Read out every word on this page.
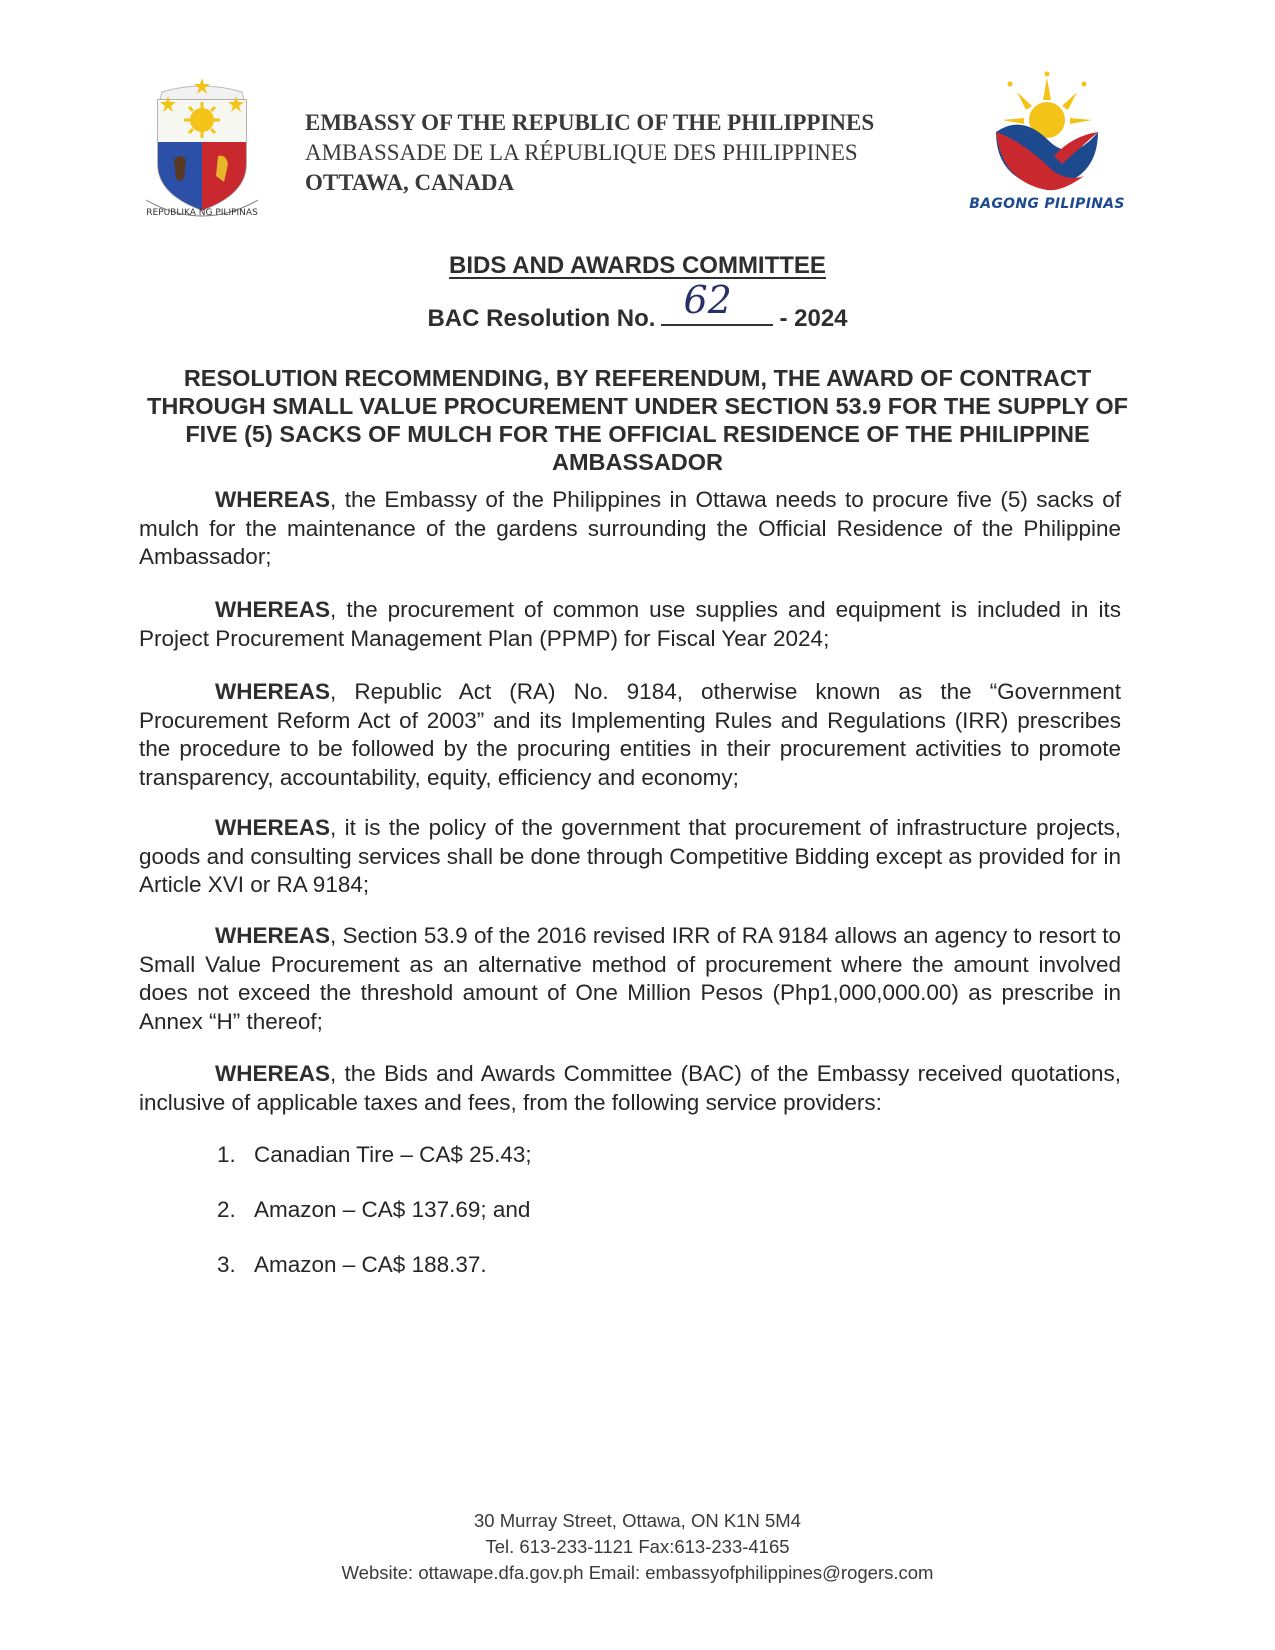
REPUBLIKA NG PILIPINAS
EMBASSY OF THE REPUBLIC OF THE PHILIPPINES
AMBASSADE DE LA RÉPUBLIQUE DES PHILIPPINES
OTTAWA, CANADA
BAGONG PILIPINAS
BIDS AND AWARDS COMMITTEE
BAC Resolution No. 62 - 2024
RESOLUTION RECOMMENDING, BY REFERENDUM, THE AWARD OF CONTRACT THROUGH SMALL VALUE PROCUREMENT UNDER SECTION 53.9 FOR THE SUPPLY OF FIVE (5) SACKS OF MULCH FOR THE OFFICIAL RESIDENCE OF THE PHILIPPINE AMBASSADOR
WHEREAS, the Embassy of the Philippines in Ottawa needs to procure five (5) sacks of mulch for the maintenance of the gardens surrounding the Official Residence of the Philippine Ambassador;
WHEREAS, the procurement of common use supplies and equipment is included in its Project Procurement Management Plan (PPMP) for Fiscal Year 2024;
WHEREAS, Republic Act (RA) No. 9184, otherwise known as the “Government Procurement Reform Act of 2003” and its Implementing Rules and Regulations (IRR) prescribes the procedure to be followed by the procuring entities in their procurement activities to promote transparency, accountability, equity, efficiency and economy;
WHEREAS, it is the policy of the government that procurement of infrastructure projects, goods and consulting services shall be done through Competitive Bidding except as provided for in Article XVI or RA 9184;
WHEREAS, Section 53.9 of the 2016 revised IRR of RA 9184 allows an agency to resort to Small Value Procurement as an alternative method of procurement where the amount involved does not exceed the threshold amount of One Million Pesos (Php1,000,000.00) as prescribe in Annex “H” thereof;
WHEREAS, the Bids and Awards Committee (BAC) of the Embassy received quotations, inclusive of applicable taxes and fees, from the following service providers:
1. Canadian Tire – CA$ 25.43;
2. Amazon – CA$ 137.69; and
3. Amazon – CA$ 188.37.
30 Murray Street, Ottawa, ON K1N 5M4
Tel. 613-233-1121 Fax:613-233-4165
Website: ottawape.dfa.gov.ph Email: embassyofphilippines@rogers.com
